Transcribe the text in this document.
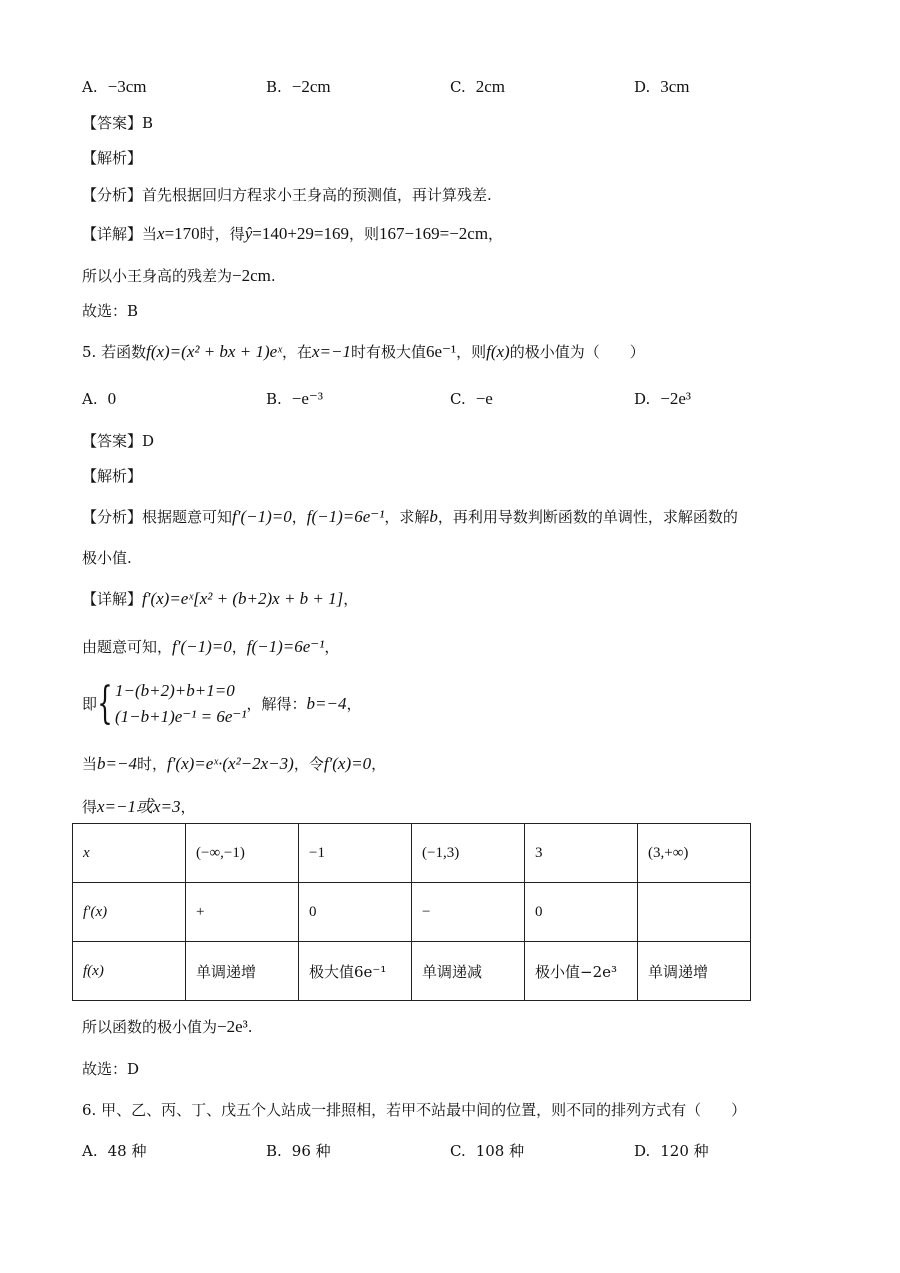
A. −3cm	B. −2cm	C. 2cm	D. 3cm
【答案】B
【解析】
【分析】首先根据回归方程求小王身高的预测值，再计算残差.
【详解】当x=170时，得ŷ=140+29=169，则167−169=−2cm，
所以小王身高的残差为−2cm.
故选：B
5. 若函数f(x)=(x² + bx + 1)eˣ，在x=−1时有极大值6e⁻¹，则f(x)的极小值为（　　）
A. 0	B. −e⁻³	C. −e	D. −2e³
【答案】D
【解析】
【分析】根据题意可知f′(−1)=0，f(−1)=6e⁻¹，求解b，再利用导数判断函数的单调性，求解函数的
极小值.
【详解】f′(x)=eˣ[x² + (b+2)x + b + 1]，
由题意可知，f′(−1)=0，f(−1)=6e⁻¹，
即{ 1−(b+2)+b+1=0
(1−b+1)e⁻¹ = 6e⁻¹，解得：b=−4，
当b=−4时，f′(x)=eˣ·(x²−2x−3)，令f′(x)=0，
得x=−1或x=3，
x	(−∞,−1)	−1	(−1,3)	3	(3,+∞)
f′(x)	+	0	−	0	
f(x)	单调递增	极大值6e⁻¹	单调递减	极小值−2e³	单调递增
所以函数的极小值为−2e³.
故选：D
6. 甲、乙、丙、丁、戊五个人站成一排照相，若甲不站最中间的位置，则不同的排列方式有（　　）
A. 48 种	B. 96 种	C. 108 种	D. 120 种
